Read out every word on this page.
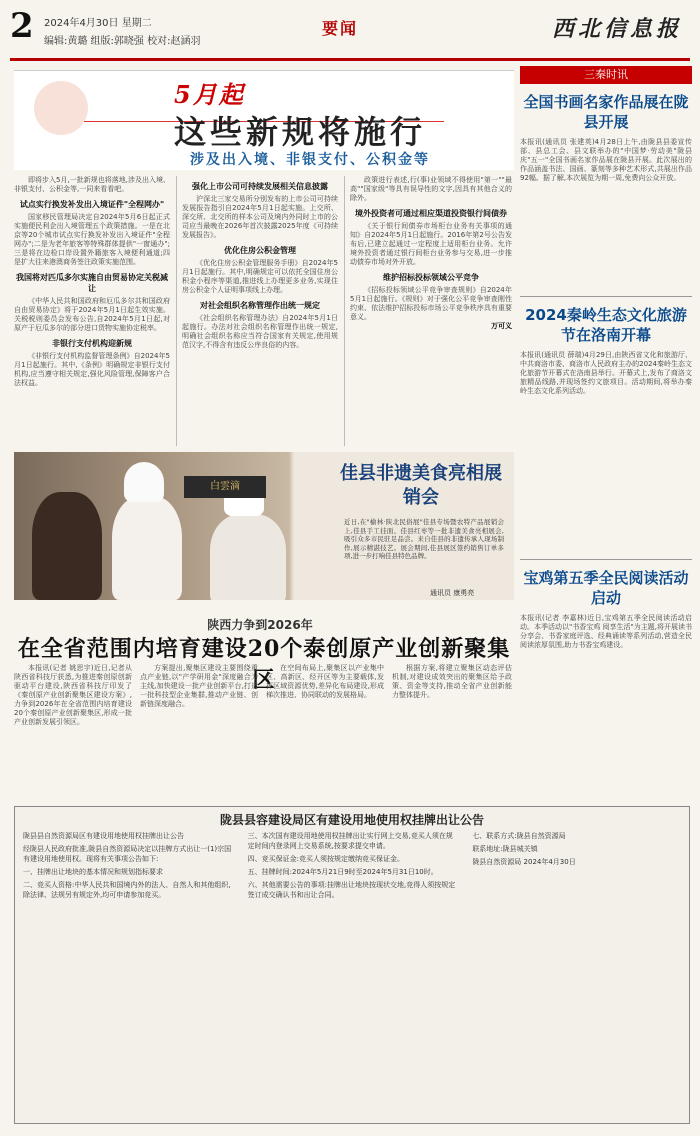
2 2024年4月30日 星期二
编辑:黄璐 组版:郭晓强 校对:赵涵羽
要闻	西北信息报
5月起
这些新规将施行
涉及出入境、非银支付、公积金等

即将步入5月,一批新规也将落地,涉及出入境、非银支付、公积金等,一同来看看吧。

试点实行换发补发出入境证件"全程网办"

国家移民管理局决定自2024年5月6日起正式实施便民利企出入境管理五个政策措施。一是在北京等20个城市试点实行换发补发出入境证件"全程网办";二是为老年旅客等特殊群体提供"一窗通办";三是将在边检口岸设置外籍旅客入境便利通道;四是扩大往来港澳商务签注政策实施范围。

我国将对匹瓜多尔实施自由贸易协定关税减让

《中华人民共和国政府和厄瓜多尔共和国政府自由贸易协定》将于2024年5月1日起生效实施。关税税则委员会发布公告,自2024年5月1日起,对原产于厄瓜多尔的部分进口货物实施协定税率。

非银行支付机构迎新规

《非银行支付机构监督管理条例》自2024年5月1日起施行。其中,《条例》明确规定非银行支付机构,应当遵守相关规定,强化风险管理,保障客户合法权益。

强化上市公司可持续发展相关信息披露

沪深北三家交易所分别发布的上市公司可持续发展报告指引自2024年5月1日起实施。上交所、深交所、北交所的样本公司及境内外同时上市的公司应当最晚在2026年首次披露2025年度《可持续发展报告》。

优化住房公积金管理

《优化住房公积金管理服务手册》自2024年5月1日起施行。其中,明确规定可以依托全国住房公积金小程序等渠道,推进线上办理更多业务,实现住房公积金个人证明事项线上办理。

对社会组织名称管理作出统一规定

《社会组织名称管理办法》自2024年5月1日起施行。办法对社会组织名称管理作出统一规定,明确社会组织名称应当符合国家有关规定,使用规范汉字,不得含有违反公序良俗的内容。

政策进行表述,行(事)业领域不得使用"第一""最高""国家级"等具有误导性的文字,因具有其他合义的除外。

境外投资者可通过相应渠道投资银行间债券

《关于银行间债券市场柜台业务有关事项的通知》自2024年5月1日起施行。2016年第2号公告发布后,已建立起通过一定程度上适用柜台业务。允许境外投资者通过银行间柜台业务参与交易,进一步推动债券市场对外开放。

维护招标投标领域公平竞争

《招标投标领域公平竞争审查规则》自2024年5月1日起施行。《规则》对于强化公平竞争审查刚性约束、依法维护招标投标市场公平竞争秩序具有重要意义。

万可义

白雲滴
佳县非遗美食亮相展销会
近日,在"榆林·陕北民俗展"佳县专场暨农特产品展销会上,佳县手工挂面、佳县红枣等一批非遗美食亮相展会,吸引众多市民驻足品尝。来自佳县的非遗传承人现场制作,展示精湛技艺。展会期间,佳县展区签约销售订单多项,进一步打响佳县特色品牌。
通讯员 康勇亮
陕西力争到2026年
在全省范围内培育建设20个泰创原产业创新聚集区

本报讯(记者 姚思宇)近日,记者从陕西省科技厅获悉,为推进秦创原创新驱动平台建设,陕西省科技厅印发了《秦创原产业创新聚集区建设方案》,力争到2026年在全省范围内培育建设20个秦创原产业创新聚集区,形成一批产业创新发展引领区。

方案提出,聚集区建设主要围绕重点产业链,以"产学研用金"深度融合为主线,加快建设一批产业创新平台,打造一批科技型企业集群,推动产业链、创新链深度融合。

在空间布局上,聚集区以产业集中区、高新区、经开区等为主要载体,发挥区域资源优势,差异化布局建设,形成梯次推进、协同联动的发展格局。

根据方案,将建立聚集区动态评估机制,对建设成效突出的聚集区给予政策、资金等支持,推动全省产业创新能力整体提升。

三秦时讯
全国书画名家作品展在陇县开展
本报讯(通讯员 张建英)4月28日上午,由陇县县委宣传部、县总工会、县文联举办的"中国梦·劳动美"陇县庆"五一"全国书画名家作品展在陇县开展。此次展出的作品涵盖书法、国画、篆刻等多种艺术形式,共展出作品92幅。据了解,本次展览为期一周,免费向公众开放。
2024秦岭生态文化旅游节在洛南开幕
本报讯(通讯员 薛瑞)4月29日,由陕西省文化和旅游厅、中共商洛市委、商洛市人民政府主办的2024秦岭生态文化旅游节开幕式在洛南县举行。开幕式上,发布了商洛文旅精品线路,并现场签约文旅项目。活动期间,将举办秦岭生态文化系列活动。
宝鸡第五季全民阅读活动启动
本报讯(记者 李嘉林)近日,宝鸡第五季全民阅读活动启动。本季活动以"书香宝鸡 阅享生活"为主题,将开展读书分享会、书香家庭评选、经典诵读等系列活动,营造全民阅读浓厚氛围,助力书香宝鸡建设。
陇县县容建设局区有建设用地使用权挂牌出让公告

陇县县自然资源局区有建设用地使用权挂牌出让公告

经陇县人民政府批准,陇县自然资源局决定以挂牌方式出让一(1)宗国有建设用地使用权。现将有关事项公告如下:

一、挂牌出让地块的基本情况和规划指标要求

二、竞买人资格:中华人民共和国境内外的法人、自然人和其他组织,除法律、法规另有规定外,均可申请参加竞买。

三、本次国有建设用地使用权挂牌出让实行网上交易,竞买人须在规定时间内登录网上交易系统,按要求提交申请。

四、竞买保证金:竞买人须按规定缴纳竞买保证金。

五、挂牌时间:2024年5月21日9时至2024年5月31日10时。

六、其他需要公告的事项:挂牌出让地块按现状交地,竞得人须按规定签订成交确认书和出让合同。

七、联系方式:陇县自然资源局

联系地址:陇县城关镇

陇县自然资源局 2024年4月30日
